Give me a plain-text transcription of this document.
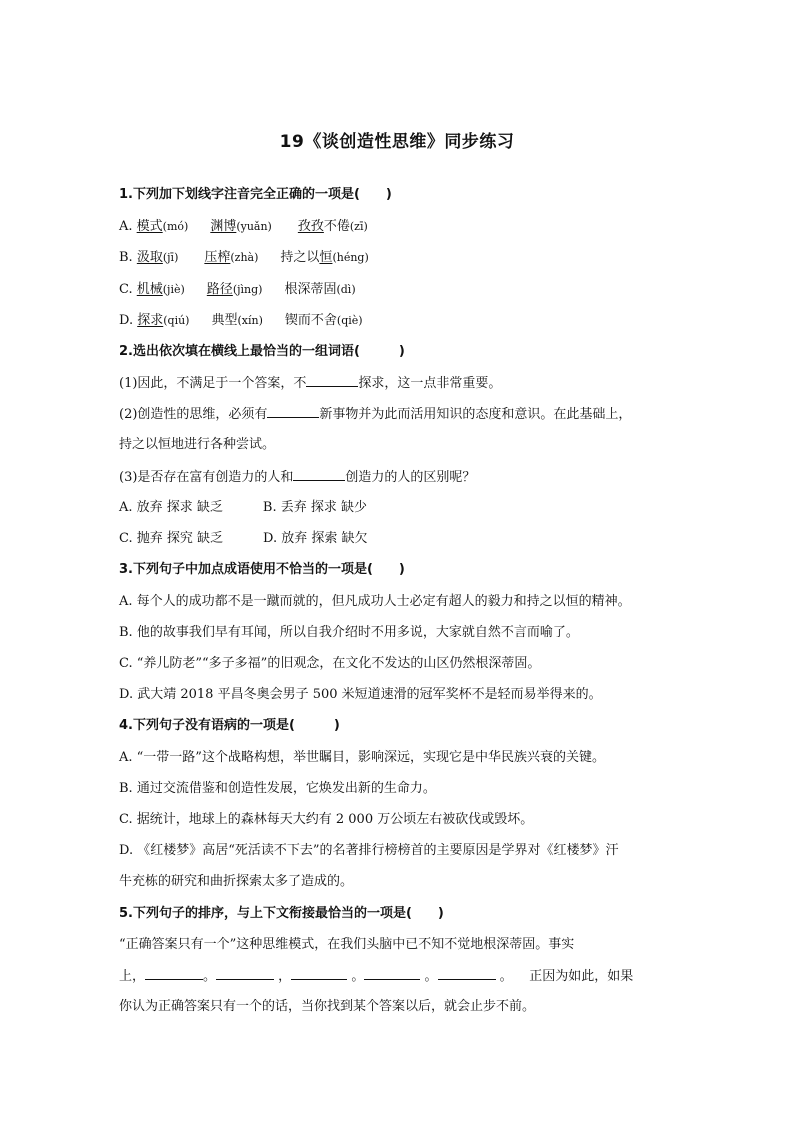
19《谈创造性思维》同步练习
1.下列加下划线字注音完全正确的一项是(　　)
A. 模式(mó) 渊博(yuǎn) 孜孜不倦(zī)
B. 汲取(jī) 压榨(zhà) 持之以恒(héng)
C. 机械(jiè) 路径(jìng) 根深蒂固(dì)
D. 探求(qiú) 典型(xín) 锲而不舍(qiè)
2.选出依次填在横线上最恰当的一组词语(　　　)
(1)因此，不满足于一个答案，不	探求，这一点非常重要。
(2)创造性的思维，必须有	新事物并为此而活用知识的态度和意识。在此基础上，
持之以恒地进行各种尝试。
(3)是否存在富有创造力的人和	创造力的人的区别呢？
A. 放弃 探求 缺乏	B. 丢弃 探求 缺少
C. 抛弃 探究 缺乏	D. 放弃 探索 缺欠
3.下列句子中加点成语使用不恰当的一项是(　　)
A. 每个人的成功都不是一蹴而就的，但凡成功人士必定有超人的毅力和持之以恒的精神。
B. 他的故事我们早有耳闻，所以自我介绍时不用多说，大家就自然不言而喻了。
C. “养儿防老”“多子多福”的旧观念，在文化不发达的山区仍然根深蒂固。
D. 武大靖 2018 平昌冬奥会男子 500 米短道速滑的冠军奖杯不是轻而易举得来的。
4.下列句子没有语病的一项是(　　　)
A. “一带一路”这个战略构想，举世瞩目，影响深远，实现它是中华民族兴衰的关键。
B. 通过交流借鉴和创造性发展，它焕发出新的生命力。
C. 据统计，地球上的森林每天大约有 2 000 万公顷左右被砍伐或毁坏。
D. 《红楼梦》高居“死活读不下去”的名著排行榜榜首的主要原因是学界对《红楼梦》汗
牛充栋的研究和曲折探索太多了造成的。
5.下列句子的排序，与上下文衔接最恰当的一项是(　　)
“正确答案只有一个”这种思维模式，在我们头脑中已不知不觉地根深蒂固。事实
上，	。	，	。	。	。 正因为如此，如果
你认为正确答案只有一个的话，当你找到某个答案以后，就会止步不前。
